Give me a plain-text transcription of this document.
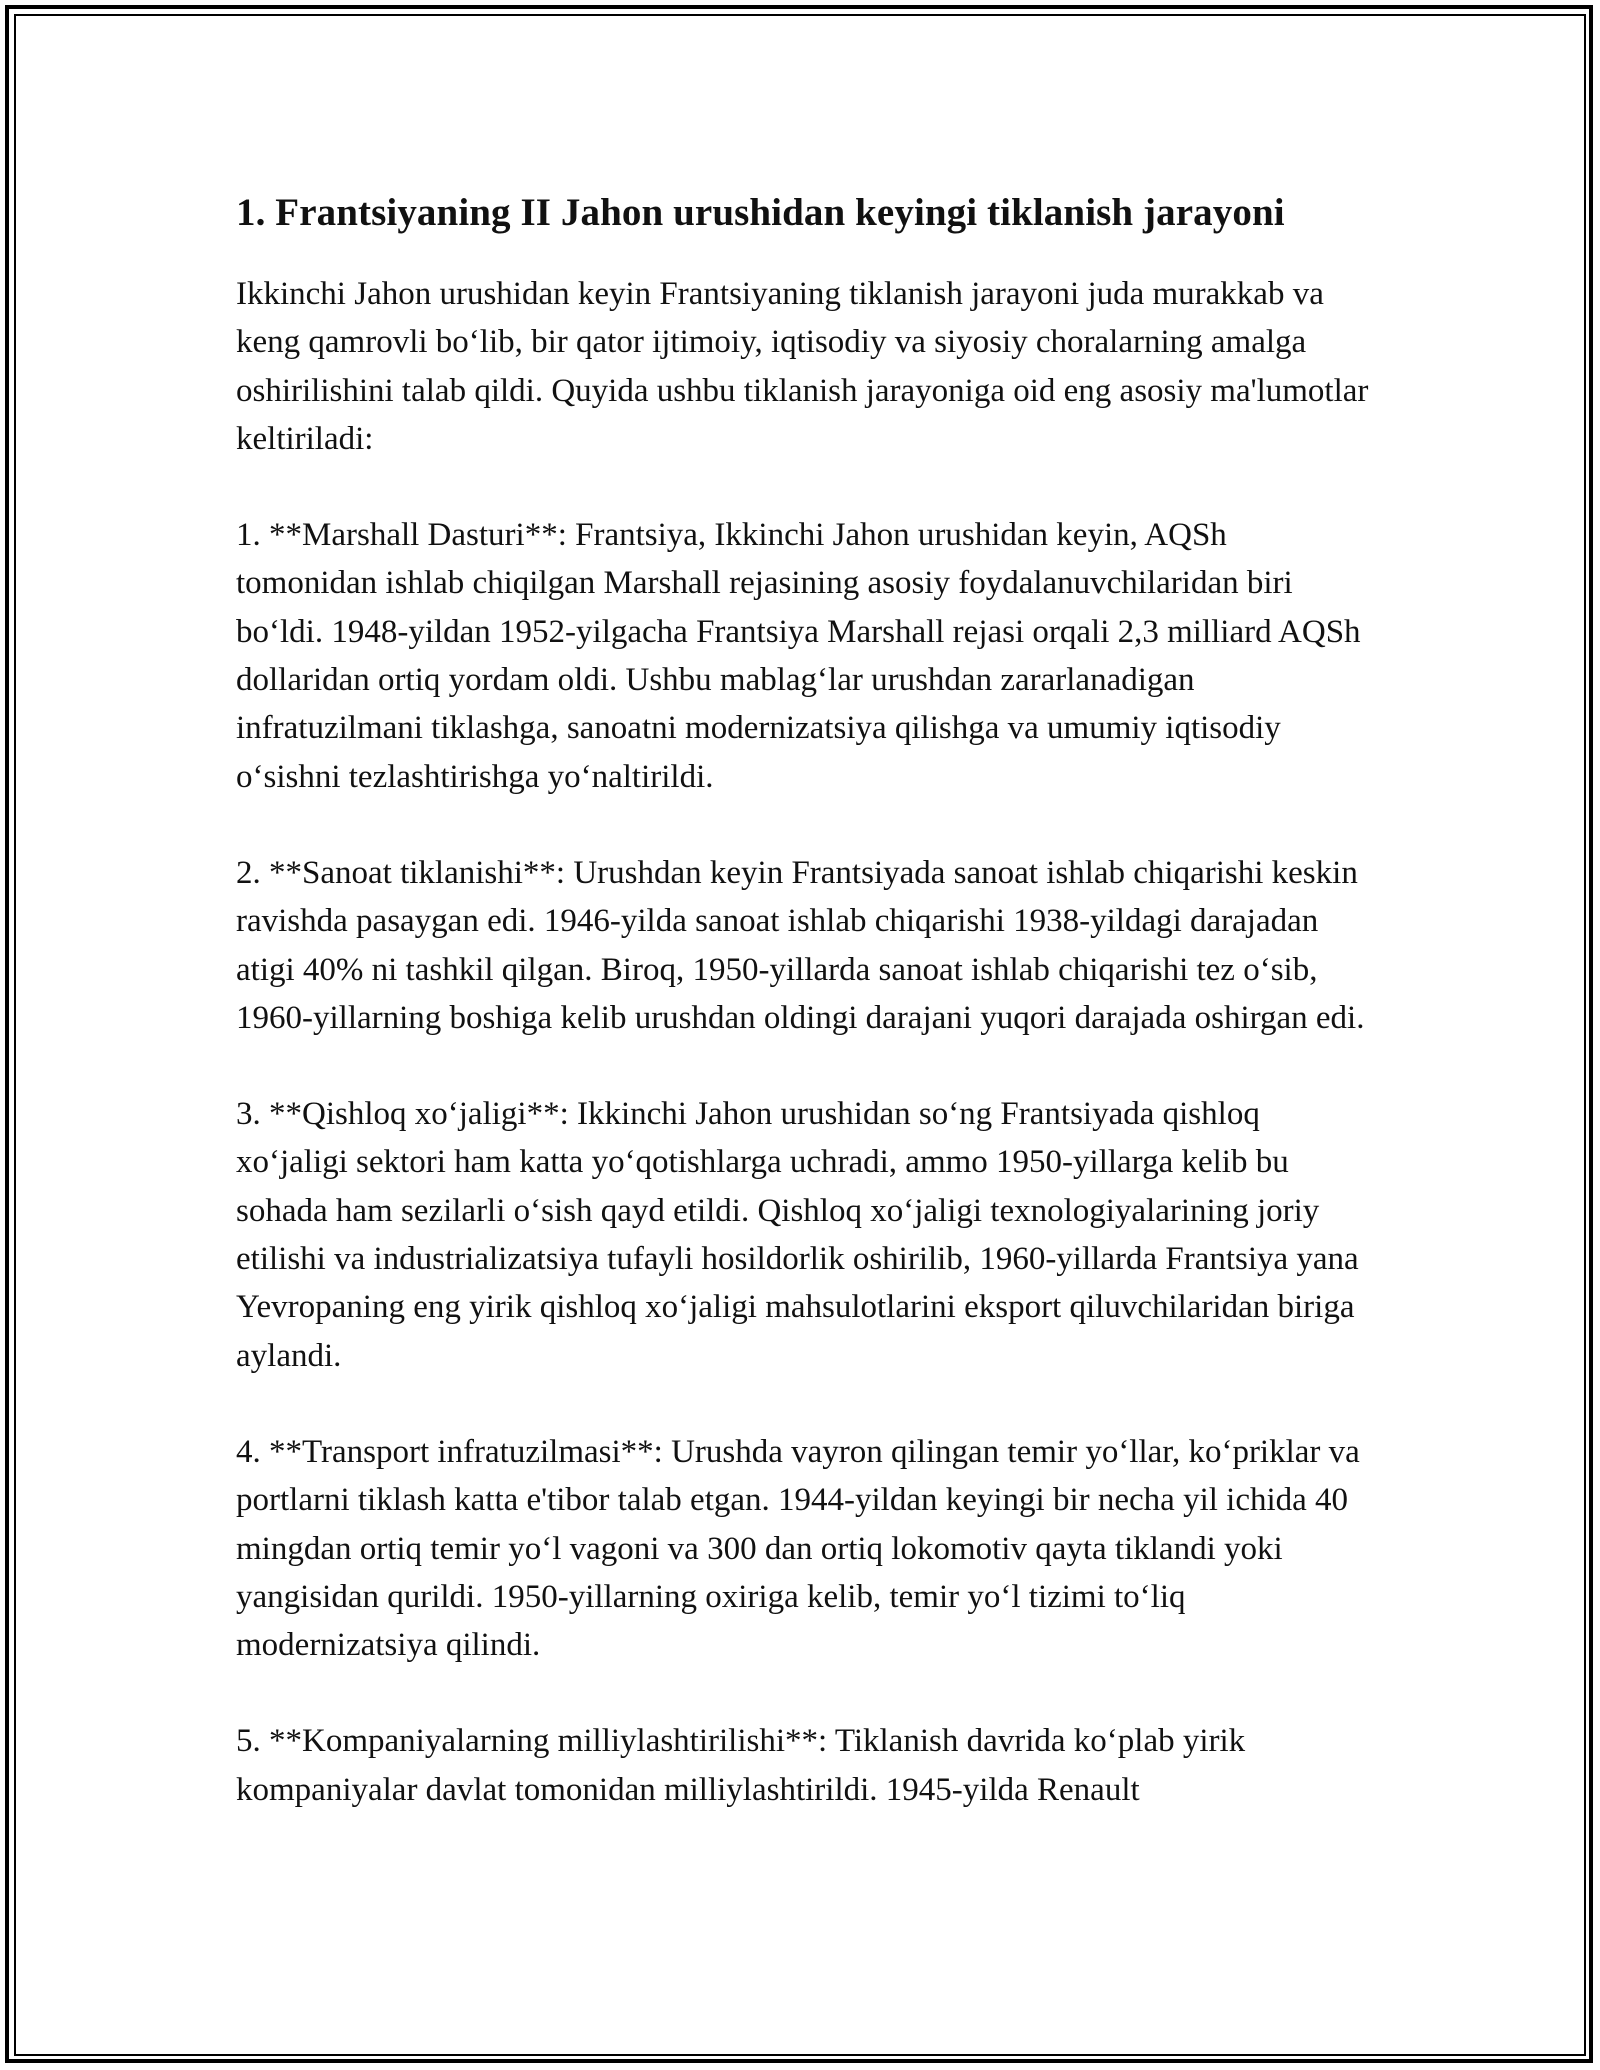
1. Frantsiyaning II Jahon urushidan keyingi tiklanish jarayoni

Ikkinchi Jahon urushidan keyin Frantsiyaning tiklanish jarayoni juda murakkab va keng qamrovli bo‘lib, bir qator ijtimoiy, iqtisodiy va siyosiy choralarning amalga oshirilishini talab qildi. Quyida ushbu tiklanish jarayoniga oid eng asosiy ma'lumotlar keltiriladi:

1. **Marshall Dasturi**: Frantsiya, Ikkinchi Jahon urushidan keyin, AQSh tomonidan ishlab chiqilgan Marshall rejasining asosiy foydalanuvchilaridan biri bo‘ldi. 1948-yildan 1952-yilgacha Frantsiya Marshall rejasi orqali 2,3 milliard AQSh dollaridan ortiq yordam oldi. Ushbu mablag‘lar urushdan zararlanadigan infratuzilmani tiklashga, sanoatni modernizatsiya qilishga va umumiy iqtisodiy o‘sishni tezlashtirishga yo‘naltirildi.

2. **Sanoat tiklanishi**: Urushdan keyin Frantsiyada sanoat ishlab chiqarishi keskin ravishda pasaygan edi. 1946-yilda sanoat ishlab chiqarishi 1938-yildagi darajadan atigi 40% ni tashkil qilgan. Biroq, 1950-yillarda sanoat ishlab chiqarishi tez o‘sib, 1960-yillarning boshiga kelib urushdan oldingi darajani yuqori darajada oshirgan edi.

3. **Qishloq xo‘jaligi**: Ikkinchi Jahon urushidan so‘ng Frantsiyada qishloq xo‘jaligi sektori ham katta yo‘qotishlarga uchradi, ammo 1950-yillarga kelib bu sohada ham sezilarli o‘sish qayd etildi. Qishloq xo‘jaligi texnologiyalarining joriy etilishi va industrializatsiya tufayli hosildorlik oshirilib, 1960-yillarda Frantsiya yana Yevropaning eng yirik qishloq xo‘jaligi mahsulotlarini eksport qiluvchilaridan biriga aylandi.

4. **Transport infratuzilmasi**: Urushda vayron qilingan temir yo‘llar, ko‘priklar va portlarni tiklash katta e'tibor talab etgan. 1944-yildan keyingi bir necha yil ichida 40 mingdan ortiq temir yo‘l vagoni va 300 dan ortiq lokomotiv qayta tiklandi yoki yangisidan qurildi. 1950-yillarning oxiriga kelib, temir yo‘l tizimi to‘liq modernizatsiya qilindi.

5. **Kompaniyalarning milliylashtirilishi**: Tiklanish davrida ko‘plab yirik kompaniyalar davlat tomonidan milliylashtirildi. 1945-yilda Renault
